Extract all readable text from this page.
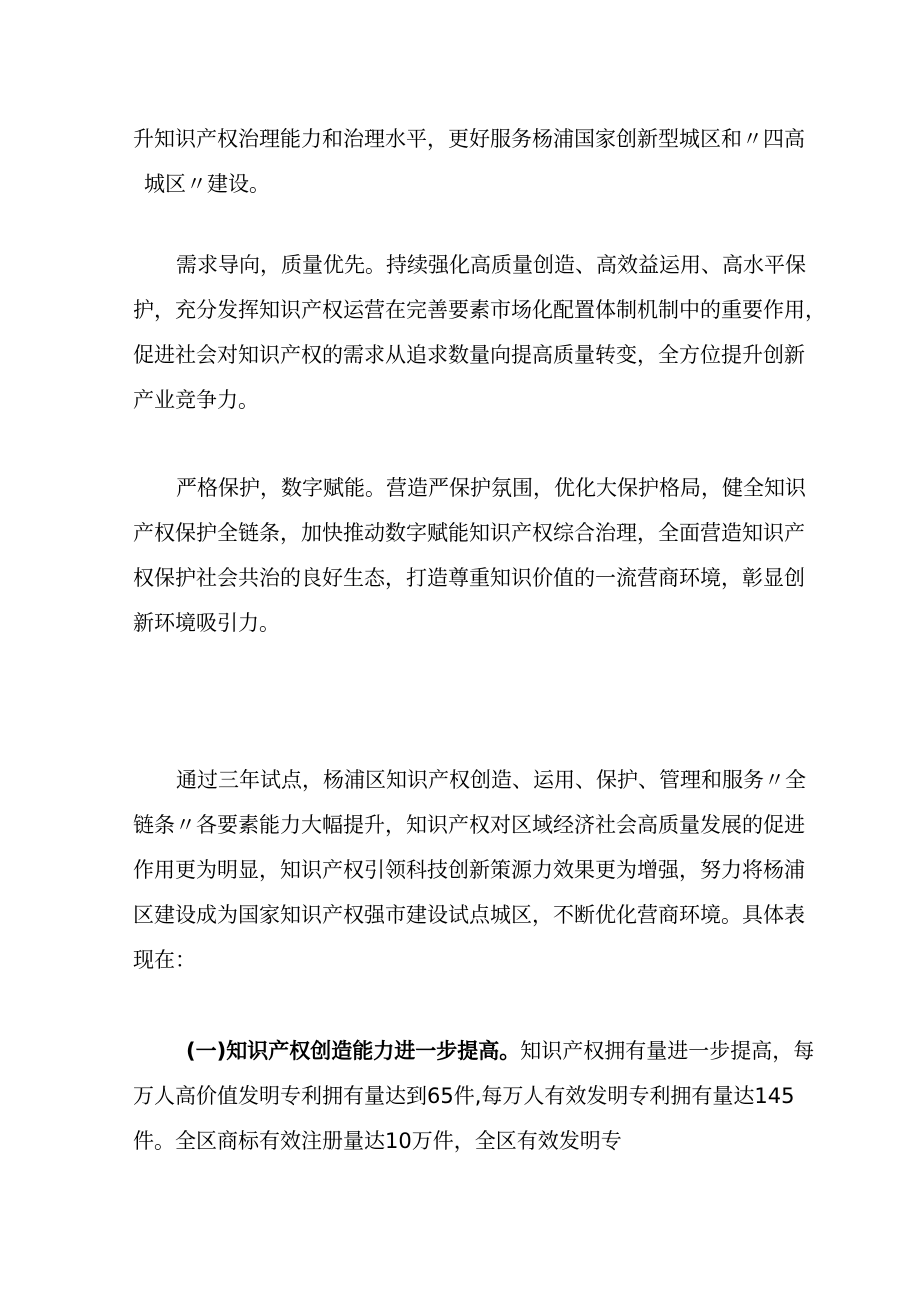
升知识产权治理能力和治理水平，更好服务杨浦国家创新型城区和〃四高
城区〃建设。

需求导向，质量优先。持续强化高质量创造、高效益运用、高水平保
护，充分发挥知识产权运营在完善要素市场化配置体制机制中的重要作用，
促进社会对知识产权的需求从追求数量向提高质量转变，全方位提升创新
产业竞争力。

严格保护，数字赋能。营造严保护氛围，优化大保护格局，健全知识
产权保护全链条，加快推动数字赋能知识产权综合治理，全面营造知识产
权保护社会共治的良好生态，打造尊重知识价值的一流营商环境，彰显创
新环境吸引力。

通过三年试点，杨浦区知识产权创造、运用、保护、管理和服务〃全
链条〃各要素能力大幅提升，知识产权对区域经济社会高质量发展的促进
作用更为明显，知识产权引领科技创新策源力效果更为增强，努力将杨浦
区建设成为国家知识产权强市建设试点城区，不断优化营商环境。具体表
现在：

(一)知识产权创造能力进一步提高。知识产权拥有量进一步提高，每
万人高价值发明专利拥有量达到65件,每万人有效发明专利拥有量达145
件。全区商标有效注册量达10万件，全区有效发明专
